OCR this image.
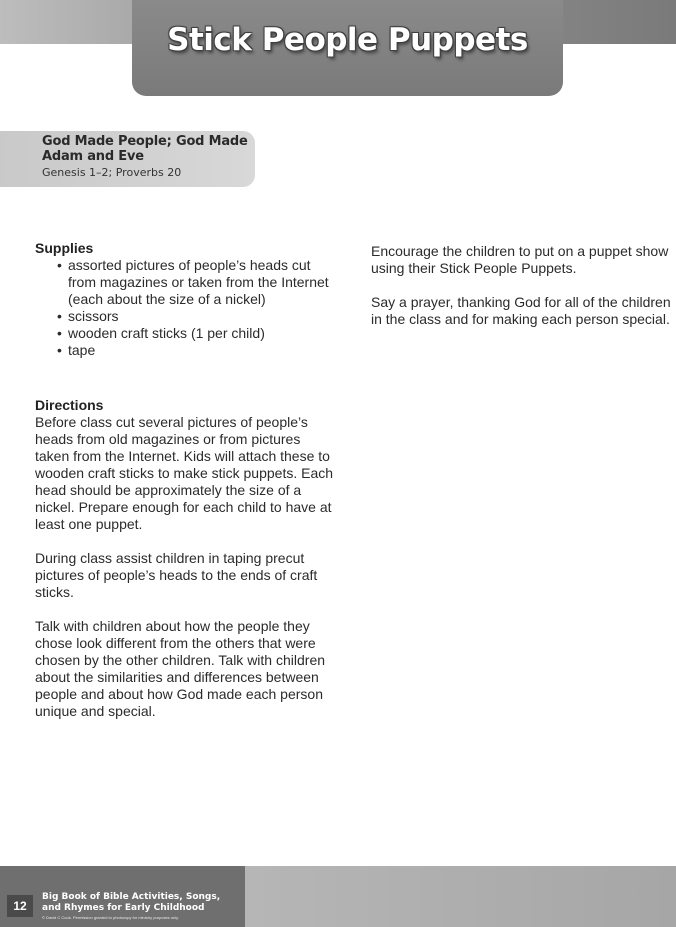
Stick People Puppets

God Made People; God Made Adam and Eve

Genesis 1–2; Proverbs 20

Supplies

• assorted pictures of people’s heads cut from magazines or taken from the Internet (each about the size of a nickel)
• scissors
• wooden craft sticks (1 per child)
• tape

Directions

Before class cut several pictures of people’s heads from old magazines or from pictures taken from the Internet. Kids will attach these to wooden craft sticks to make stick puppets. Each head should be approximately the size of a nickel. Prepare enough for each child to have at least one puppet.

During class assist children in taping precut pictures of people’s heads to the ends of craft sticks.

Talk with children about how the people they chose look different from the others that were chosen by the other children. Talk with children about the similarities and differences between people and about how God made each person unique and special.

Encourage the children to put on a puppet show using their Stick People Puppets.

Say a prayer, thanking God for all of the children in the class and for making each person special.

12

Big Book of Bible Activities, Songs, and Rhymes for Early Childhood

© David C Cook. Permission granted to photocopy for ministry purposes only.
